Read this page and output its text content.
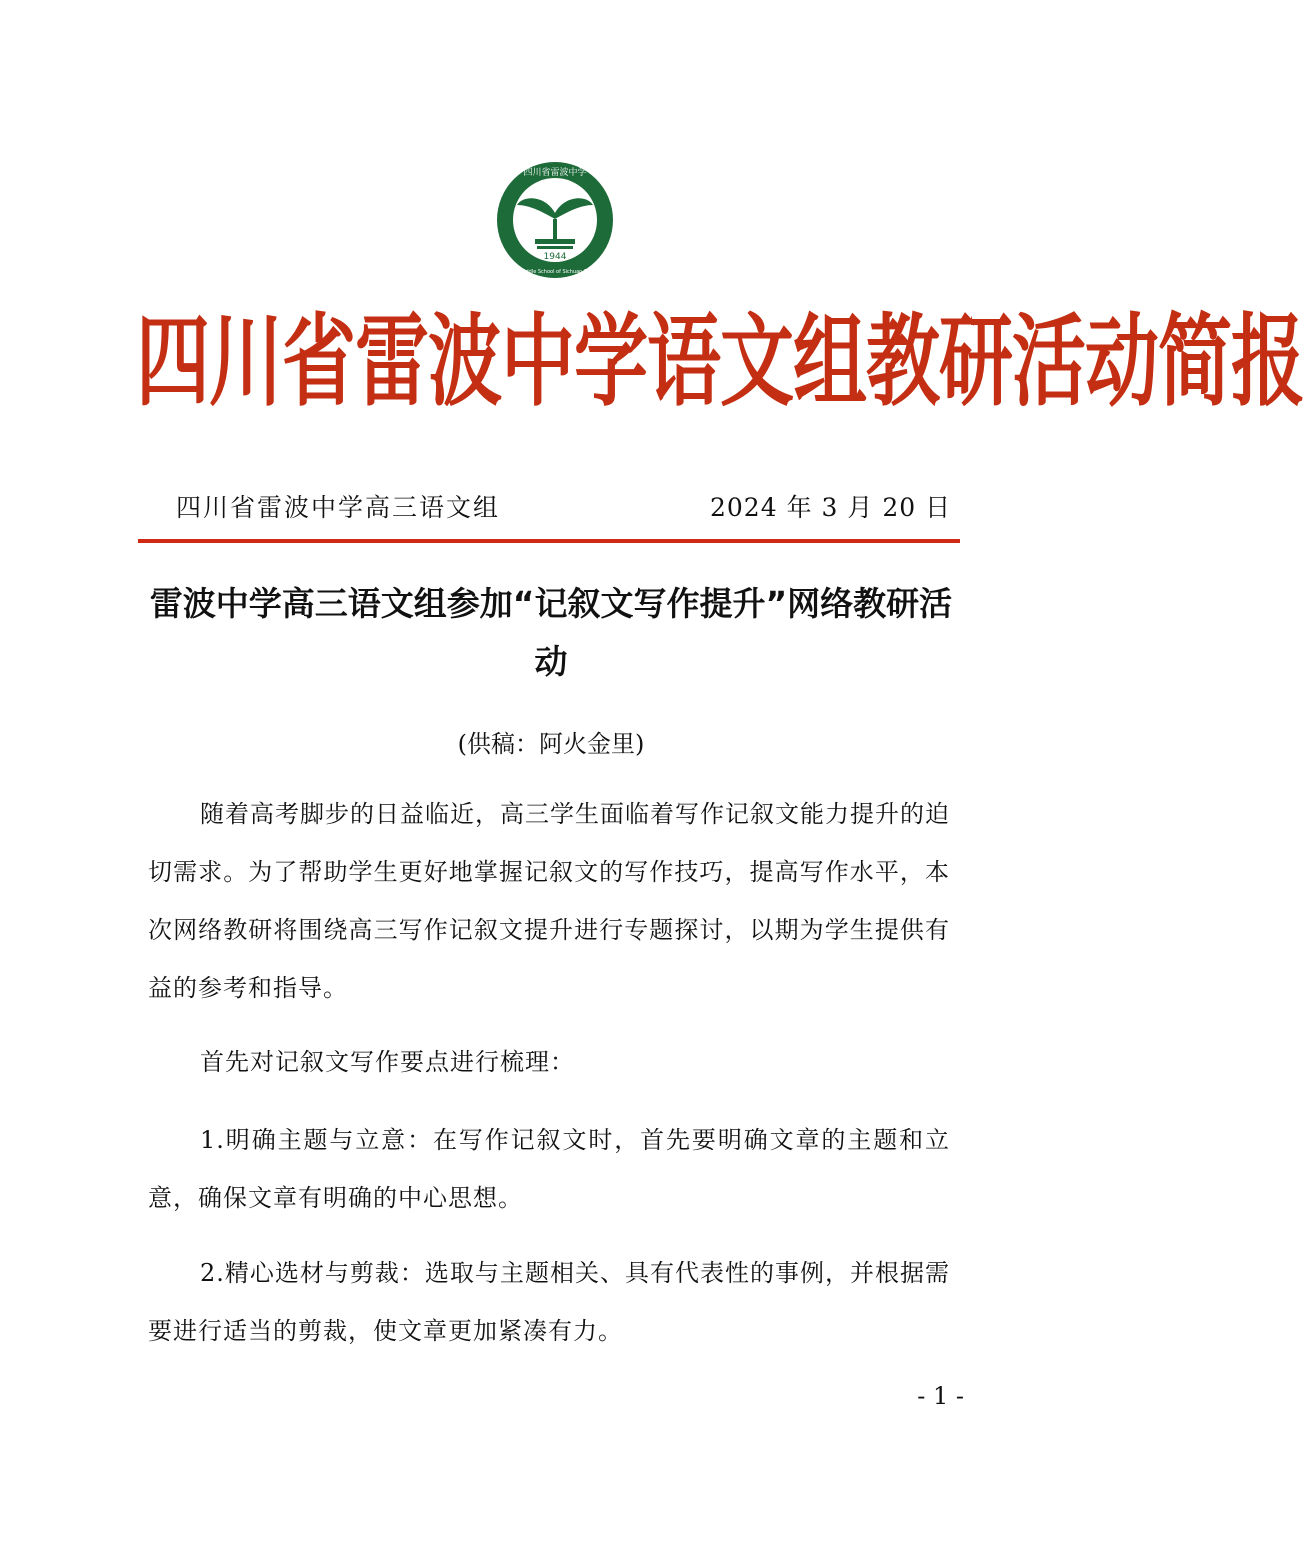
1944
四川省雷波中学
Leibo Middle School of Sichuan Province
四川省雷波中学语文组教研活动简报
四川省雷波中学高三语文组	2024 年 3 月 20 日
雷波中学高三语文组参加“记叙文写作提升”网络教研活动
(供稿：阿火金里)

随着高考脚步的日益临近，高三学生面临着写作记叙文能力提升的迫切需求。为了帮助学生更好地掌握记叙文的写作技巧，提高写作水平，本次网络教研将围绕高三写作记叙文提升进行专题探讨，以期为学生提供有益的参考和指导。

首先对记叙文写作要点进行梳理：

1.明确主题与立意：在写作记叙文时，首先要明确文章的主题和立意，确保文章有明确的中心思想。

2.精心选材与剪裁：选取与主题相关、具有代表性的事例，并根据需要进行适当的剪裁，使文章更加紧凑有力。

- 1 -
